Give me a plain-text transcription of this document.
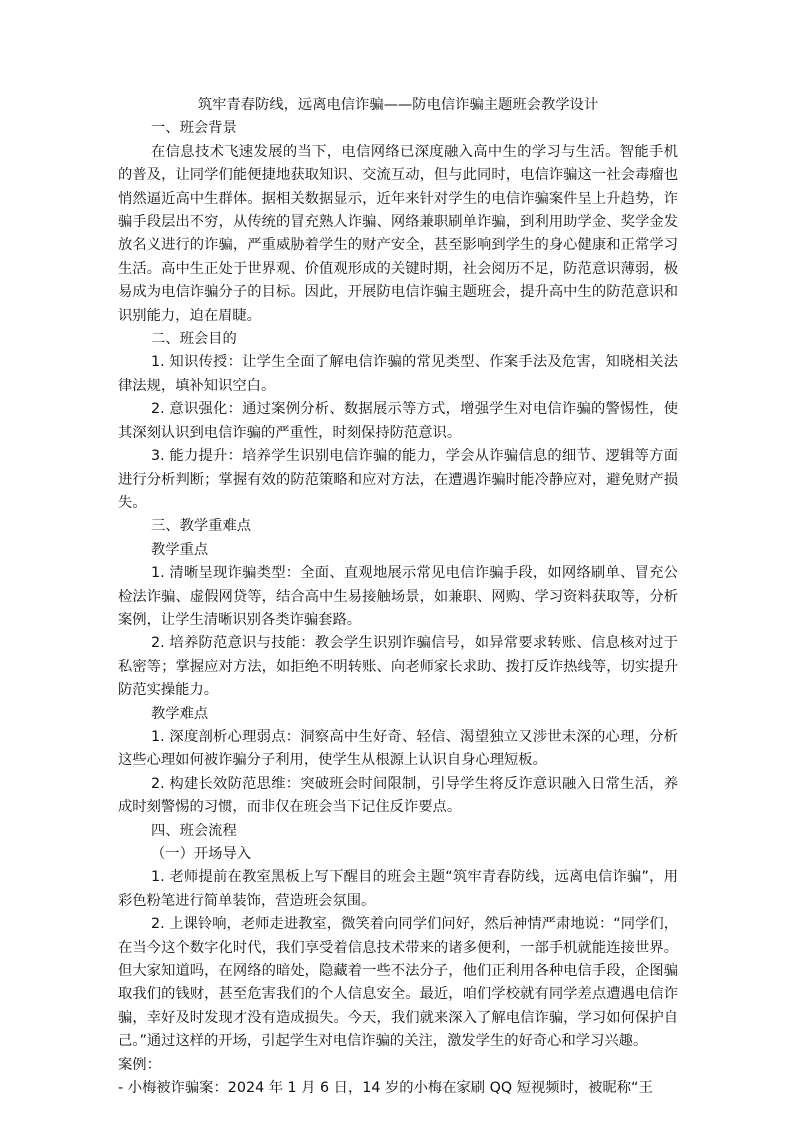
筑牢青春防线，远离电信诈骗——防电信诈骗主题班会教学设计

一、班会背景

在信息技术飞速发展的当下，电信网络已深度融入高中生的学习与生活。智能手机的普及，让同学们能便捷地获取知识、交流互动，但与此同时，电信诈骗这一社会毒瘤也悄然逼近高中生群体。据相关数据显示，近年来针对学生的电信诈骗案件呈上升趋势，诈骗手段层出不穷，从传统的冒充熟人诈骗、网络兼职刷单诈骗，到利用助学金、奖学金发放名义进行的诈骗，严重威胁着学生的财产安全，甚至影响到学生的身心健康和正常学习生活。高中生正处于世界观、价值观形成的关键时期，社会阅历不足，防范意识薄弱，极易成为电信诈骗分子的目标。因此，开展防电信诈骗主题班会，提升高中生的防范意识和识别能力，迫在眉睫。

二、班会目的

1. 知识传授：让学生全面了解电信诈骗的常见类型、作案手法及危害，知晓相关法律法规，填补知识空白。

2. 意识强化：通过案例分析、数据展示等方式，增强学生对电信诈骗的警惕性，使其深刻认识到电信诈骗的严重性，时刻保持防范意识。

3. 能力提升：培养学生识别电信诈骗的能力，学会从诈骗信息的细节、逻辑等方面进行分析判断；掌握有效的防范策略和应对方法，在遭遇诈骗时能冷静应对，避免财产损失。

三、教学重难点

教学重点

1. 清晰呈现诈骗类型：全面、直观地展示常见电信诈骗手段，如网络刷单、冒充公检法诈骗、虚假网贷等，结合高中生易接触场景，如兼职、网购、学习资料获取等，分析案例，让学生清晰识别各类诈骗套路。

2. 培养防范意识与技能：教会学生识别诈骗信号，如异常要求转账、信息核对过于私密等；掌握应对方法，如拒绝不明转账、向老师家长求助、拨打反诈热线等，切实提升防范实操能力。

教学难点

1. 深度剖析心理弱点：洞察高中生好奇、轻信、渴望独立又涉世未深的心理，分析这些心理如何被诈骗分子利用，使学生从根源上认识自身心理短板。

2. 构建长效防范思维：突破班会时间限制，引导学生将反诈意识融入日常生活，养成时刻警惕的习惯，而非仅在班会当下记住反诈要点。

四、班会流程

（一）开场导入

1. 老师提前在教室黑板上写下醒目的班会主题“筑牢青春防线，远离电信诈骗”，用彩色粉笔进行简单装饰，营造班会氛围。

2. 上课铃响，老师走进教室，微笑着向同学们问好，然后神情严肃地说：“同学们，在当今这个数字化时代，我们享受着信息技术带来的诸多便利，一部手机就能连接世界。但大家知道吗，在网络的暗处，隐藏着一些不法分子，他们正利用各种电信手段，企图骗取我们的钱财，甚至危害我们的个人信息安全。最近，咱们学校就有同学差点遭遇电信诈骗，幸好及时发现才没有造成损失。今天，我们就来深入了解电信诈骗，学习如何保护自己。”通过这样的开场，引起学生对电信诈骗的关注，激发学生的好奇心和学习兴趣。

案例：

- 小梅被诈骗案：2024 年 1 月 6 日，14 岁的小梅在家刷 QQ 短视频时，被昵称“王
